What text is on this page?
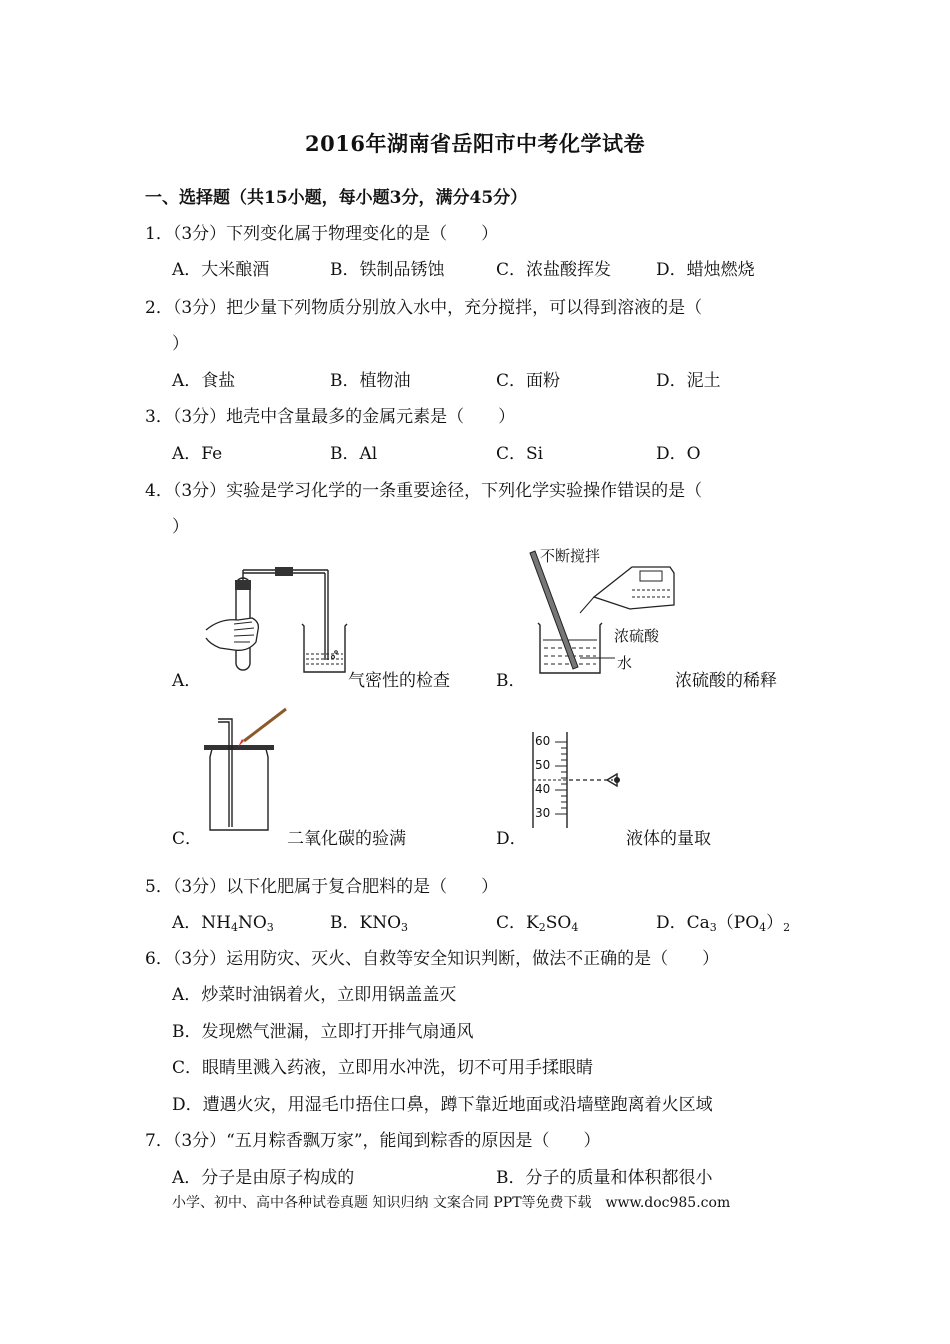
2016年湖南省岳阳市中考化学试卷
一、选择题（共15小题，每小题3分，满分45分）
1．（3分）下列变化属于物理变化的是（　　）
A．大米酿酒	B．铁制品锈蚀	C．浓盐酸挥发	D．蜡烛燃烧
2．（3分）把少量下列物质分别放入水中，充分搅拌，可以得到溶液的是（
）
A．食盐	B．植物油	C．面粉	D．泥土
3．（3分）地壳中含量最多的金属元素是（　　）
A．Fe	B．Al	C．Si	D．O
4．（3分）实验是学习化学的一条重要途径，下列化学实验操作错误的是（
）
A．	气密性的检查	B．
不断搅拌
浓硫酸
水
浓硫酸的稀释
C．	二氧化碳的验满	D．
60
50
40
30
液体的量取
5．（3分）以下化肥属于复合肥料的是（　　）
A．$NH_4NO_3$	B．$KNO_3$	C．$K_2SO_4$	D．$Ca_3(PO_4)_2$
6．（3分）运用防灾、灭火、自救等安全知识判断，做法不正确的是（　　）
A．炒菜时油锅着火，立即用锅盖盖灭
B．发现燃气泄漏，立即打开排气扇通风
C．眼睛里溅入药液，立即用水冲洗，切不可用手揉眼睛
D．遭遇火灾，用湿毛巾捂住口鼻，蹲下靠近地面或沿墙壁跑离着火区域
7．（3分）“五月粽香飘万家”，能闻到粽香的原因是（　　）
A．分子是由原子构成的	B．分子的质量和体积都很小
小学、初中、高中各种试卷真题 知识归纳 文案合同 PPT等免费下载　www.doc985.com
